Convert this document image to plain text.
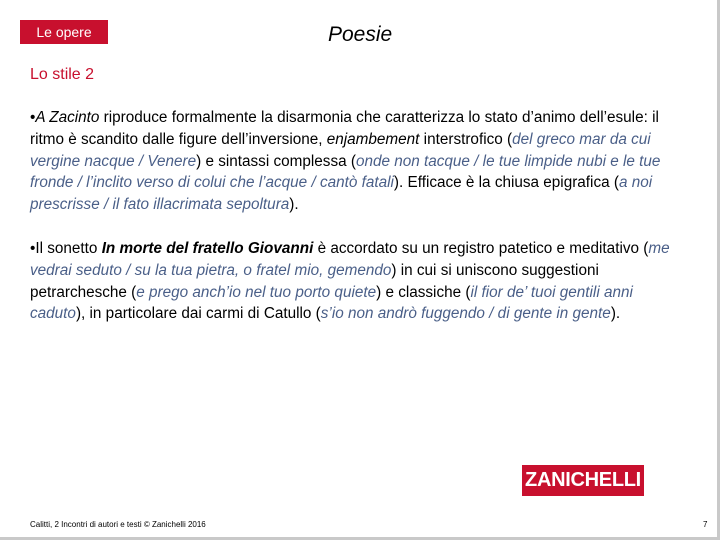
Le opere	Poesie
Lo stile 2

•A Zacinto riproduce formalmente la disarmonia che caratterizza lo stato d’animo dell’esule: il ritmo è scandito dalle figure dell’inversione, enjambement interstrofico (del greco mar da cui vergine nacque / Venere) e sintassi complessa (onde non tacque / le tue limpide nubi e le tue fronde / l’inclito verso di colui che l’acque / cantò fatali). Efficace è la chiusa epigrafica (a noi prescrisse / il fato illacrimata sepoltura).

•Il sonetto In morte del fratello Giovanni è accordato su un registro patetico e meditativo (me vedrai seduto / su la tua pietra, o fratel mio, gemendo) in cui si uniscono suggestioni petrarchesche (e prego anch’io nel tuo porto quiete) e classiche (il fior de’ tuoi gentili anni caduto), in particolare dai carmi di Catullo (s’io non andrò fuggendo / di gente in gente).

ZANICHELLI
Calitti, 2 Incontri di autori e testi © Zanichelli 2016	7
